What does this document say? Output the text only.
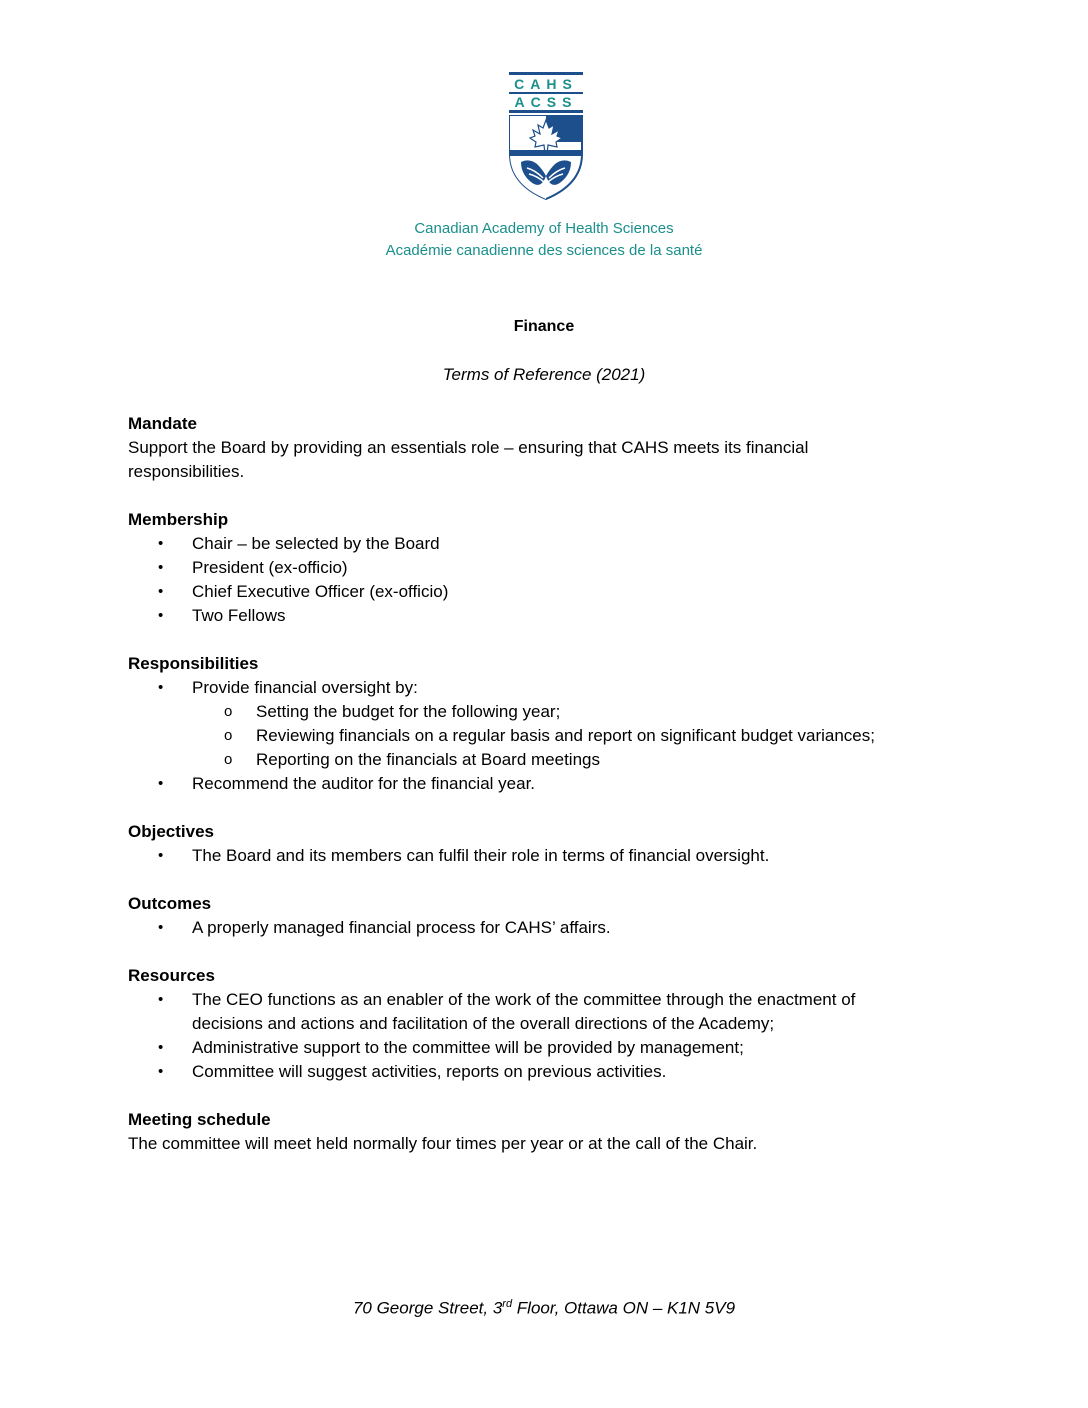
CAHS
ACSS
Canadian Academy of Health Sciences
Académie canadienne des sciences de la santé
Finance
Terms of Reference (2021)
Mandate

Support the Board by providing an essentials role – ensuring that CAHS meets its financial responsibilities.

Membership
• Chair – be selected by the Board
• President (ex-officio)
• Chief Executive Officer (ex-officio)
• Two Fellows
Responsibilities
• Provide financial oversight by:
o Setting the budget for the following year;
o Reviewing financials on a regular basis and report on significant budget variances;
o Reporting on the financials at Board meetings
• Recommend the auditor for the financial year.
Objectives
• The Board and its members can fulfil their role in terms of financial oversight.
Outcomes
• A properly managed financial process for CAHS’ affairs.
Resources
• The CEO functions as an enabler of the work of the committee through the enactment of decisions and actions and facilitation of the overall directions of the Academy;
• Administrative support to the committee will be provided by management;
• Committee will suggest activities, reports on previous activities.
Meeting schedule

The committee will meet held normally four times per year or at the call of the Chair.

70 George Street, 3rd Floor, Ottawa ON – K1N 5V9
